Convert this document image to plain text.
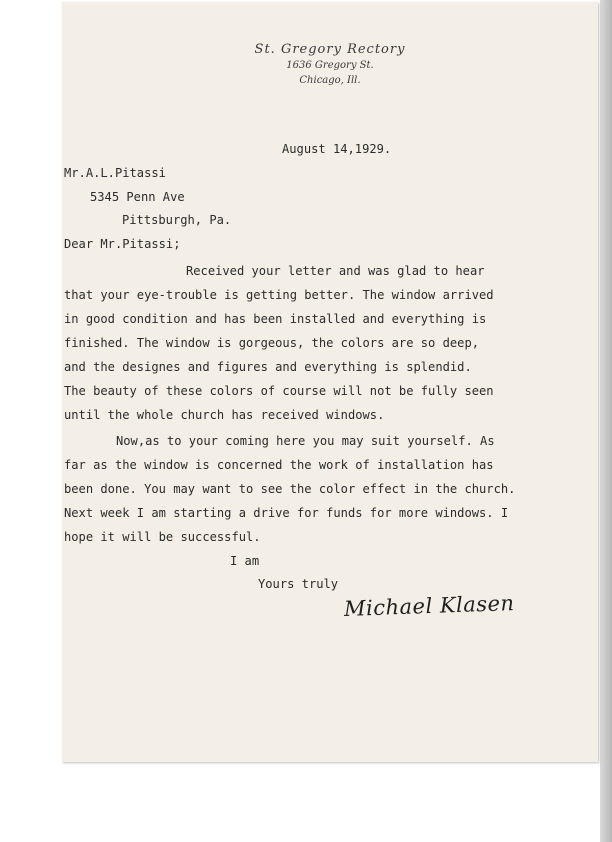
St. Gregory Rectory
1636 Gregory St.
Chicago, Ill.
August 14,1929.
Mr.A.L.Pitassi
5345 Penn Ave
Pittsburgh, Pa.
Dear Mr.Pitassi;
Received your letter and was glad to hear
that your eye-trouble is getting better. The window arrived
in good condition and has been installed and everything is
finished. The window is gorgeous, the colors are so deep,
and the designes and figures and everything is splendid.
The beauty of these colors of course will not be fully seen
until the whole church has received windows.
Now,as to your coming here you may suit yourself. As
far as the window is concerned the work of installation has
been done. You may want to see the color effect in the church.
Next week I am starting a drive for funds for more windows. I
hope it will be successful.
I am
Yours truly
Michael Klasen
